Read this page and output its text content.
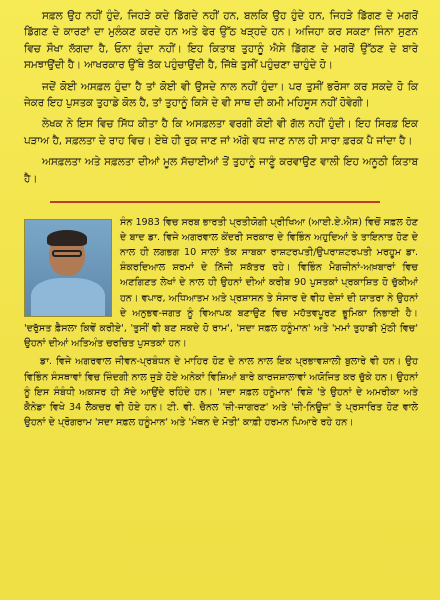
ਸਫ਼ਲ ਉਹ ਨਹੀਂ ਹੁੰਦੇ, ਜਿਹੜੇ ਕਦੇ ਡਿੱਗਦੇ ਨਹੀਂ ਹਨ, ਬਲਕਿ ਉਹ ਹੁੰਦੇ ਹਨ, ਜਿਹੜੇ ਡਿੱਗਣ ਦੇ ਮਗਰੋਂ ਡਿੱਗਣ ਦੇ ਕਾਰਣਾਂ ਦਾ ਮੁਲੰਕਣ ਕਰਦੇ ਹਨ ਅਤੇ ਫੇਰ ਉੱਠ ਖੜ੍ਹਦੇ ਹਨ। ਅਜਿਹਾ ਕਰ ਸਕਣਾ ਜਿੰਨਾ ਸੁਣਨ ਵਿਚ ਸੌਖਾ ਲੱਗਦਾ ਹੈ, ਓਨਾ ਹੁੰਦਾ ਨਹੀਂ। ਇਹ ਕਿਤਾਬ ਤੁਹਾਨੂੰ ਐਸੇ ਡਿੱਗਣ ਦੇ ਮਗਰੋਂ ਉੱਠਣ ਦੇ ਬਾਰੇ ਸਮਝਾਉਂਦੀ ਹੈ। ਆਖਰਕਾਰ ਉੱਥੇ ਤੱਕ ਪਹੁੰਚਾਉਂਦੀ ਹੈ, ਜਿੱਥੇ ਤੁਸੀਂ ਪਹੁੰਚਣਾ ਚਾਹੁੰਦੇ ਹੋ।

ਜਦੋਂ ਕੋਈ ਅਸਫ਼ਲ ਹੁੰਦਾ ਹੈ ਤਾਂ ਕੋਈ ਵੀ ਉਸਦੇ ਨਾਲ ਨਹੀਂ ਹੁੰਦਾ। ਪਰ ਤੁਸੀਂ ਭਰੋਸਾ ਕਰ ਸਕਦੇ ਹੋ ਕਿ ਜੇਕਰ ਇਹ ਪੁਸਤਕ ਤੁਹਾਡੇ ਕੋਲ ਹੈ, ਤਾਂ ਤੁਹਾਨੂੰ ਕਿਸੇ ਦੇ ਵੀ ਸਾਥ ਦੀ ਕਮੀ ਮਹਿਸੂਸ ਨਹੀਂ ਹੋਵੇਗੀ।

ਲੇਖਕ ਨੇ ਇਸ ਵਿਚ ਸਿੱਧ ਕੀਤਾ ਹੈ ਕਿ ਅਸਫ਼ਲਤਾ ਵਰਗੀ ਕੋਈ ਵੀ ਗੱਲ ਨਹੀਂ ਹੁੰਦੀ। ਇਹ ਸਿਰਫ਼ ਇਕ ਪੜਾਅ ਹੈ, ਸਫ਼ਲਤਾ ਦੇ ਰਾਹ ਵਿਚ। ਏਥੇ ਹੀ ਰੁਕ ਜਾਣ ਜਾਂ ਅੱਗੇ ਵਧ ਜਾਣ ਨਾਲ ਹੀ ਸਾਰਾ ਫ਼ਰਕ ਪੈ ਜਾਂਦਾ ਹੈ।

ਅਸਫ਼ਲਤਾ ਅਤੇ ਸਫ਼ਲਤਾ ਦੀਆਂ ਮੂਲ ਸੱਚਾਈਆਂ ਤੋਂ ਤੁਹਾਨੂੰ ਜਾਣੂੰ ਕਰਵਾਉਣ ਵਾਲੀ ਇਹ ਅਨੂਠੀ ਕਿਤਾਬ ਹੈ।

ਸੰਨ 1983 ਵਿਚ ਸਰਬ ਭਾਰਤੀ ਪ੍ਰਤੀਯੋਗੀ ਪ੍ਰੀਖਿਆ (ਆਈ.ਏ.ਐਸ) ਵਿਚੋਂ ਸਫ਼ਲ ਹੋਣ ਦੇ ਬਾਦ ਡਾ. ਵਿਜੇ ਅਗਰਵਾਲ ਕੇਂਦਰੀ ਸਰਕਾਰ ਦੇ ਵਿਭਿੰਨ ਅਹੁਦਿਆਂ ਤੇ ਤਾਇਨਾਤ ਹੋਣ ਦੇ ਨਾਲ ਹੀ ਲਗਭਗ 10 ਸਾਲਾਂ ਤੱਕ ਸਾਬਕਾ ਰਾਸ਼ਟਰਪਤੀ/ਉਪਰਾਸ਼ਟਰਪਤੀ ਮਰਹੂਮ ਡਾ. ਸ਼ੰਕਰਦਿਆਲ ਸ਼ਰਮਾਂ ਦੇ ਨਿੱਜੀ ਸਕੱਤਰ ਰਹੇ। ਵਿਭਿੰਨ ਮੈਗਜ਼ੀਨਾਂ-ਅਖ਼ਬਾਰਾਂ ਵਿਚ ਅਣਗਿਣਤ ਲੇਖਾਂ ਦੇ ਨਾਲ ਹੀ ਉਹਨਾਂ ਦੀਆਂ ਕਰੀਬ 90 ਪੁਸਤਕਾਂ ਪ੍ਰਕਾਸ਼ਿਤ ਹੋ ਚੁੱਕੀਆਂ ਹਨ। ਵਪਾਰ, ਅਧਿਆਤਮ ਅਤੇ ਪ੍ਰਸ਼ਾਸਨ ਤੇ ਸੰਸਾਰ ਦੇ ਵੀਹ ਦੇਸ਼ਾਂ ਦੀ ਯਾਤਰਾ ਨੇ ਉਹਨਾਂ ਦੇ ਅਨੁਭਵ-ਜਗਤ ਨੂੰ ਵਿਆਪਕ ਬਣਾਉਣ ਵਿਚ ਮਹੱਤਵਪੂਰਣ ਭੂਮਿਕਾ ਨਿਭਾਈ ਹੈ। 'ਦਰੁੱਸਤ ਫ਼ੈਸਲਾ ਕਿਵੇਂ ਕਰੀਏ', 'ਤੁਸੀਂ ਵੀ ਬਣ ਸਕਦੇ ਹੋ ਰਾਮ', 'ਸਦਾ ਸਫ਼ਲ ਹਨੂੰਮਾਨ' ਅਤੇ 'ਮਮਾਂ ਤੁਹਾਡੀ ਮੁੱਠੀ ਵਿਚ' ਉਹਨਾਂ ਦੀਆਂ ਅਤਿਅੰਤ ਚਰਚਿਤ ਪੁਸਤਕਾਂ ਹਨ।

ਡਾ. ਵਿਜੇ ਅਗਰਵਾਲ ਜੀਵਨ-ਪ੍ਰਬੰਧਨ ਦੇ ਮਾਹਿਰ ਹੋਣ ਦੇ ਨਾਲ ਨਾਲ ਇਕ ਪ੍ਰਭਾਵਸ਼ਾਲੀ ਬੁਲਾਰੇ ਵੀ ਹਨ। ਉਹ ਵਿਭਿੰਨ ਸੰਸਥਾਵਾਂ ਵਿਚ ਜ਼ਿੰਦਗੀ ਨਾਲ ਜੁੜੇ ਹੋਏ ਅਨੇਕਾਂ ਵਿਸ਼ਿਆਂ ਬਾਰੇ ਕਾਰਜਸ਼ਾਲਾਵਾਂ ਅਯੋਜਿਤ ਕਰ ਚੁੱਕੇ ਹਨ। ਉਹਨਾਂ ਨੂੰ ਇਸ ਸੰਬੰਧੀ ਅਕਸਰ ਹੀ ਸੱਦੇ ਆਉਂਦੇ ਰਹਿੰਦੇ ਹਨ। 'ਸਦਾ ਸਫ਼ਲ ਹਨੂੰਮਾਨ' ਵਿਸ਼ੇ 'ਤੇ ਉਹਨਾਂ ਦੇ ਅਮਰੀਕਾ ਅਤੇ ਕੈਨੇਡਾ ਵਿਖੇ 34 ਲੈਕਚਰ ਵੀ ਹੋਏ ਹਨ। ਟੀ. ਵੀ. ਚੈਨਲ 'ਜ਼ੀ-ਜਾਗਰਣ' ਅਤੇ 'ਜ਼ੀ-ਨਿਊਜ਼' ਤੇ ਪ੍ਰਸਾਰਿਤ ਹੋਣ ਵਾਲੇ ਉਹਨਾਂ ਦੇ ਪ੍ਰੋਗਰਾਮ 'ਸਦਾ ਸਫ਼ਲ ਹਨੂੰਮਾਨ' ਅਤੇ 'ਮੰਥਨ ਦੇ ਮੋਤੀ' ਕਾਫ਼ੀ ਹਰਮਨ ਪਿਆਰੇ ਰਹੇ ਹਨ।
